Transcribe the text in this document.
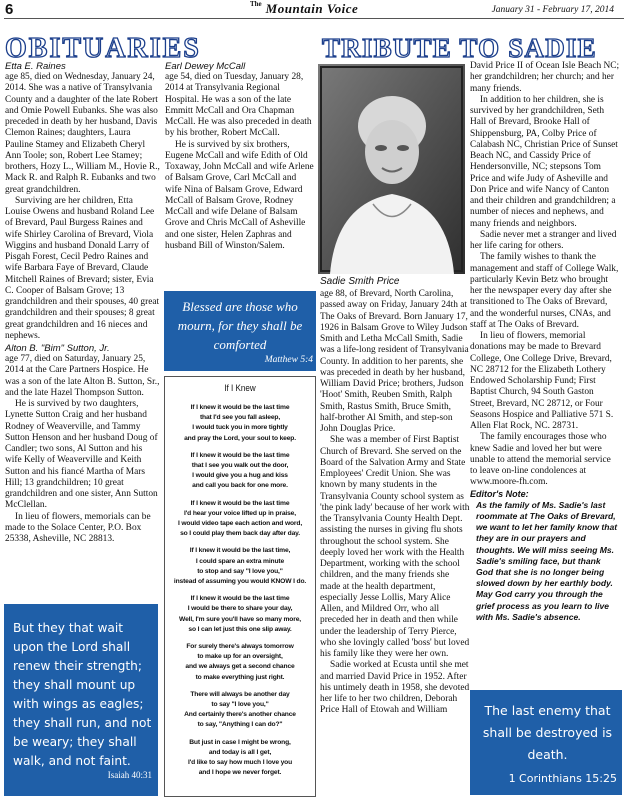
6	$^{The}$ Mountain Voice	January 31 - February 17, 2014
OBITUARIES
Etta E. Raines

age 85, died on Wednesday, January 24, 2014. She was a native of Transylvania County and a daughter of the late Robert and Omie Powell Eubanks. She was also preceded in death by her husband, Davis Clemon Raines; daughters, Laura Pauline Stamey and Elizabeth Cheryl Ann Toole; son, Robert Lee Stamey; brothers, Hozy L., William M., Hovie R., Mack R. and Ralph R. Eubanks and two great grandchildren.

Surviving are her children, Etta Louise Owens and husband Roland Lee of Brevard, Paul Burgess Raines and wife Shirley Carolina of Brevard, Viola Wiggins and husband Donald Larry of Pisgah Forest, Cecil Pedro Raines and wife Barbara Faye of Brevard, Claude Mitchell Raines of Brevard; sister, Evia C. Cooper of Balsam Grove; 13 grandchildren and their spouses, 40 great grandchildren and their spouses; 8 great great grandchildren and 16 nieces and nephews.

Alton B. "Bim" Sutton, Jr.

age 77, died on Saturday, January 25, 2014 at the Care Partners Hospice. He was a son of the late Alton B. Sutton, Sr., and the late Hazel Thompson Sutton.

He is survived by two daughters, Lynette Sutton Craig and her husband Rodney of Weaverville, and Tammy Sutton Henson and her husband Doug of Candler; two sons, Al Sutton and his wife Kelly of Weaverville and Keith Sutton and his fiancé Martha of Mars Hill; 13 grandchildren; 10 great grandchildren and one sister, Ann Sutton McClellan.

In lieu of flowers, memorials can be made to the Solace Center, P.O. Box 25338, Asheville, NC 28813.

But they that wait upon the Lord shall renew their strength; they shall mount up with wings as eagles; they shall run, and not be weary; they shall walk, and not faint.
Isaiah 40:31
Earl Dewey McCall

age 54, died on Tuesday, January 28, 2014 at Transylvania Regional Hospital. He was a son of the late Emmitt McCall and Ora Chapman McCall. He was also preceded in death by his brother, Robert McCall.

He is survived by six brothers, Eugene McCall and wife Edith of Old Toxaway, John McCall and wife Arlene of Balsam Grove, Carl McCall and wife Nina of Balsam Grove, Edward McCall of Balsam Grove, Rodney McCall and wife Delane of Balsam Grove and Chris McCall of Asheville and one sister, Helen Zaphras and husband Bill of Winston/Salem.

Blessed are those who mourn, for they shall be comforted
Matthew 5:4
If I Knew
If I knew it would be the last time
that I'd see you fall asleep,
I would tuck you in more tightly
and pray the Lord, your soul to keep.
If I knew it would be the last time
that I see you walk out the door,
I would give you a hug and kiss
and call you back for one more.
If I knew it would be the last time
I'd hear your voice lifted up in praise,
I would video tape each action and word,
so I could play them back day after day.
If I knew it would be the last time,
I could spare an extra minute
to stop and say "I love you,"
instead of assuming you would KNOW I do.
If I knew it would be the last time
I would be there to share your day,
Well, I'm sure you'll have so many more,
so I can let just this one slip away.
For surely there's always tomorrow
to make up for an oversight,
and we always get a second chance
to make everything just right.
There will always be another day
to say "I love you,"
And certainly there's another chance
to say, "Anything I can do?"
But just in case I might be wrong,
and today is all I get,
I'd like to say how much I love you
and I hope we never forget.
TRIBUTE TO SADIE
Sadie Smith Price

age 88, of Brevard, North Carolina, passed away on Friday, January 24th at The Oaks of Brevard. Born January 17, 1926 in Balsam Grove to Wiley Judson Smith and Letha McCall Smith, Sadie was a life-long resident of Transylvania County. In addition to her parents, she was preceded in death by her husband, William David Price; brothers, Judson 'Hoot' Smith, Reuben Smith, Ralph Smith, Rastus Smith, Bruce Smith, half-brother Al Smith, and step-son John Douglas Price.

She was a member of First Baptist Church of Brevard. She served on the Board of the Salvation Army and State Employees' Credit Union. She was known by many students in the Transylvania County school system as 'the pink lady' because of her work with the Transylvania County Health Dept. assisting the nurses in giving flu shots throughout the school system. She deeply loved her work with the Health Department, working with the school children, and the many friends she made at the health department, especially Jesse Lollis, Mary Alice Allen, and Mildred Orr, who all preceded her in death and then while under the leadership of Terry Pierce, who she lovingly called 'boss' but loved his family like they were her own.

Sadie worked at Ecusta until she met and married David Price in 1952. After his untimely death in 1958, she devoted her life to her two children, Deborah Price Hall of Etowah and William

David Price II of Ocean Isle Beach NC; her grandchildren; her church; and her many friends.

In addition to her children, she is survived by her grandchildren, Seth Hall of Brevard, Brooke Hall of Shippensburg, PA, Colby Price of Calabash NC, Christian Price of Sunset Beach NC, and Cassidy Price of Hendersonville, NC; stepsons Tom Price and wife Judy of Asheville and Don Price and wife Nancy of Canton and their children and grandchildren; a number of nieces and nephews, and many friends and neighbors.

Sadie never met a stranger and lived her life caring for others.

The family wishes to thank the management and staff of College Walk, particularly Kevin Betz who brought her the newspaper every day after she transitioned to The Oaks of Brevard, and the wonderful nurses, CNAs, and staff at The Oaks of Brevard.

In lieu of flowers, memorial donations may be made to Brevard College, One College Drive, Brevard, NC 28712 for the Elizabeth Lothery Endowed Scholarship Fund; First Baptist Church, 94 South Gaston Street, Brevard, NC 28712, or Four Seasons Hospice and Palliative 571 S. Allen Flat Rock, NC. 28731.

The family encourages those who knew Sadie and loved her but were unable to attend the memorial service to leave on-line condolences at www.moore-fh.com.

Editor's Note:
As the family of Ms. Sadie's last roommate at The Oaks of Brevard, we want to let her family know that they are in our prayers and thoughts. We will miss seeing Ms. Sadie's smiling face, but thank God that she is no longer being slowed down by her earthly body. May God carry you through the grief process as you learn to live with Ms. Sadie's absence.
The last enemy that shall be destroyed is death.
1 Corinthians 15:25
